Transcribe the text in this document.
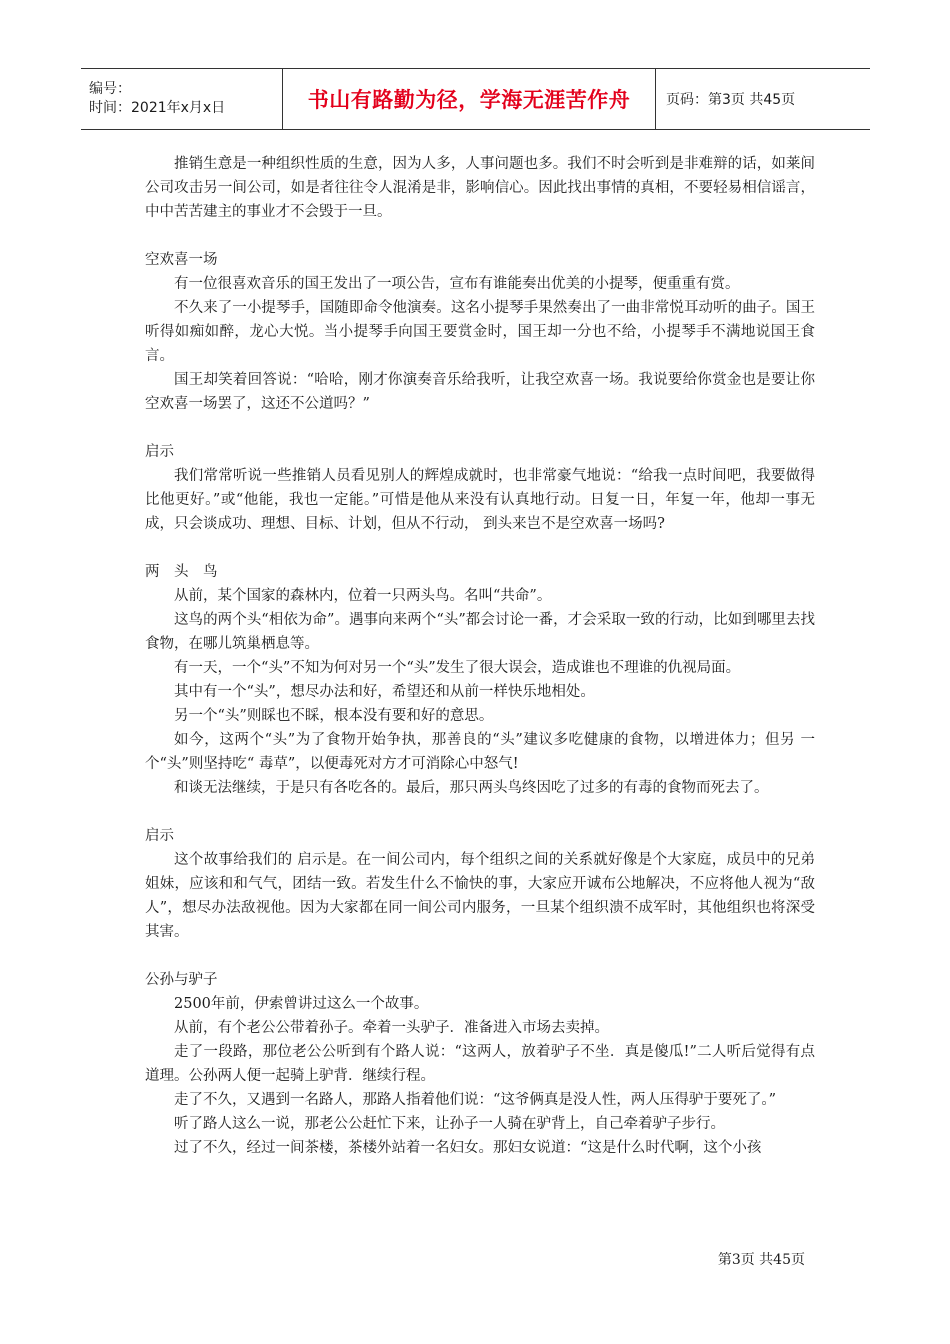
编号：
时间：2021年x月x日	书山有路勤为径，学海无涯苦作舟	页码：第3页 共45页

推销生意是一种组织性质的生意，因为人多，人事问题也多。我们不时会听到是非难辩的话，如莱间公司攻击另一间公司，如是者往往令人混淆是非，影响信心。因此找出事情的真相，不要轻易相信谣言，中中苦苦建主的事业才不会毁于一旦。

空欢喜一场

有一位很喜欢音乐的国王发出了一项公告，宣布有谁能奏出优美的小提琴，便重重有赏。

不久来了一小提琴手，国随即命令他演奏。这名小提琴手果然奏出了一曲非常悦耳动听的曲子。国王听得如痴如醉，龙心大悦。当小提琴手向国王要赏金时，国王却一分也不给，小提琴手不满地说国王食言。

国王却笑着回答说：“哈哈，刚才你演奏音乐给我听，让我空欢喜一场。我说要给你赏金也是要让你空欢喜一场罢了，这还不公道吗？”

启示

我们常常听说一些推销人员看见别人的辉煌成就时，也非常豪气地说：“给我一点时间吧，我要做得 比他更好。”或“他能，我也一定能。”可惜是他从来没有认真地行动。日复一日，年复一年，他却一事无成，只会谈成功、理想、目标、计划，但从不行动， 到头来岂不是空欢喜一场吗?

两　头　鸟

从前，某个国家的森林内，位着一只两头鸟。名叫“共命”。

这鸟的两个头“相依为命”。遇事向来两个“头”都会讨论一番，才会采取一致的行动，比如到哪里去找食物，在哪儿筑巢栖息等。

有一天，一个“头”不知为何对另一个“头”发生了很大误会，造成谁也不理谁的仇视局面。

其中有一个“头”，想尽办法和好，希望还和从前一样快乐地相处。

另一个“头”则睬也不睬，根本没有要和好的意思。

如今，这两个“头”为了食物开始争执，那善良的“头”建议多吃健康的食物，以增进体力；但另 一个“头”则坚持吃“ 毒草”，以便毒死对方才可消除心中怒气!

和谈无法继续，于是只有各吃各的。最后，那只两头鸟终因吃了过多的有毒的食物而死去了。

启示

这个故事给我们的 启示是。在一间公司内，每个组织之间的关系就好像是个大家庭，成员中的兄弟姐妹，应该和和气气，团结一致。若发生什么不愉快的事，大家应开诚布公地解决，不应将他人视为“敌人”，想尽办法敌视他。因为大家都在同一间公司内服务，一旦某个组织溃不成军时，其他组织也将深受其害。

公孙与驴子

2500年前，伊索曾讲过这么一个故事。

从前，有个老公公带着孙子。牵着一头驴子．准备进入市场去卖掉。

走了一段路，那位老公公听到有个路人说：“这两人，放着驴子不坐．真是傻瓜!”二人听后觉得有点道理。公孙两人便一起骑上驴背．继续行程。

走了不久，又遇到一名路人，那路人指着他们说：“这爷俩真是没人性，两人压得驴于要死了。”

听了路人这么一说，那老公公赶忙下来，让孙子一人骑在驴背上，自己牵着驴子步行。

过了不久，经过一间茶楼，茶楼外站着一名妇女。那妇女说道：“这是什么时代啊，这个小孩

第3页 共45页
